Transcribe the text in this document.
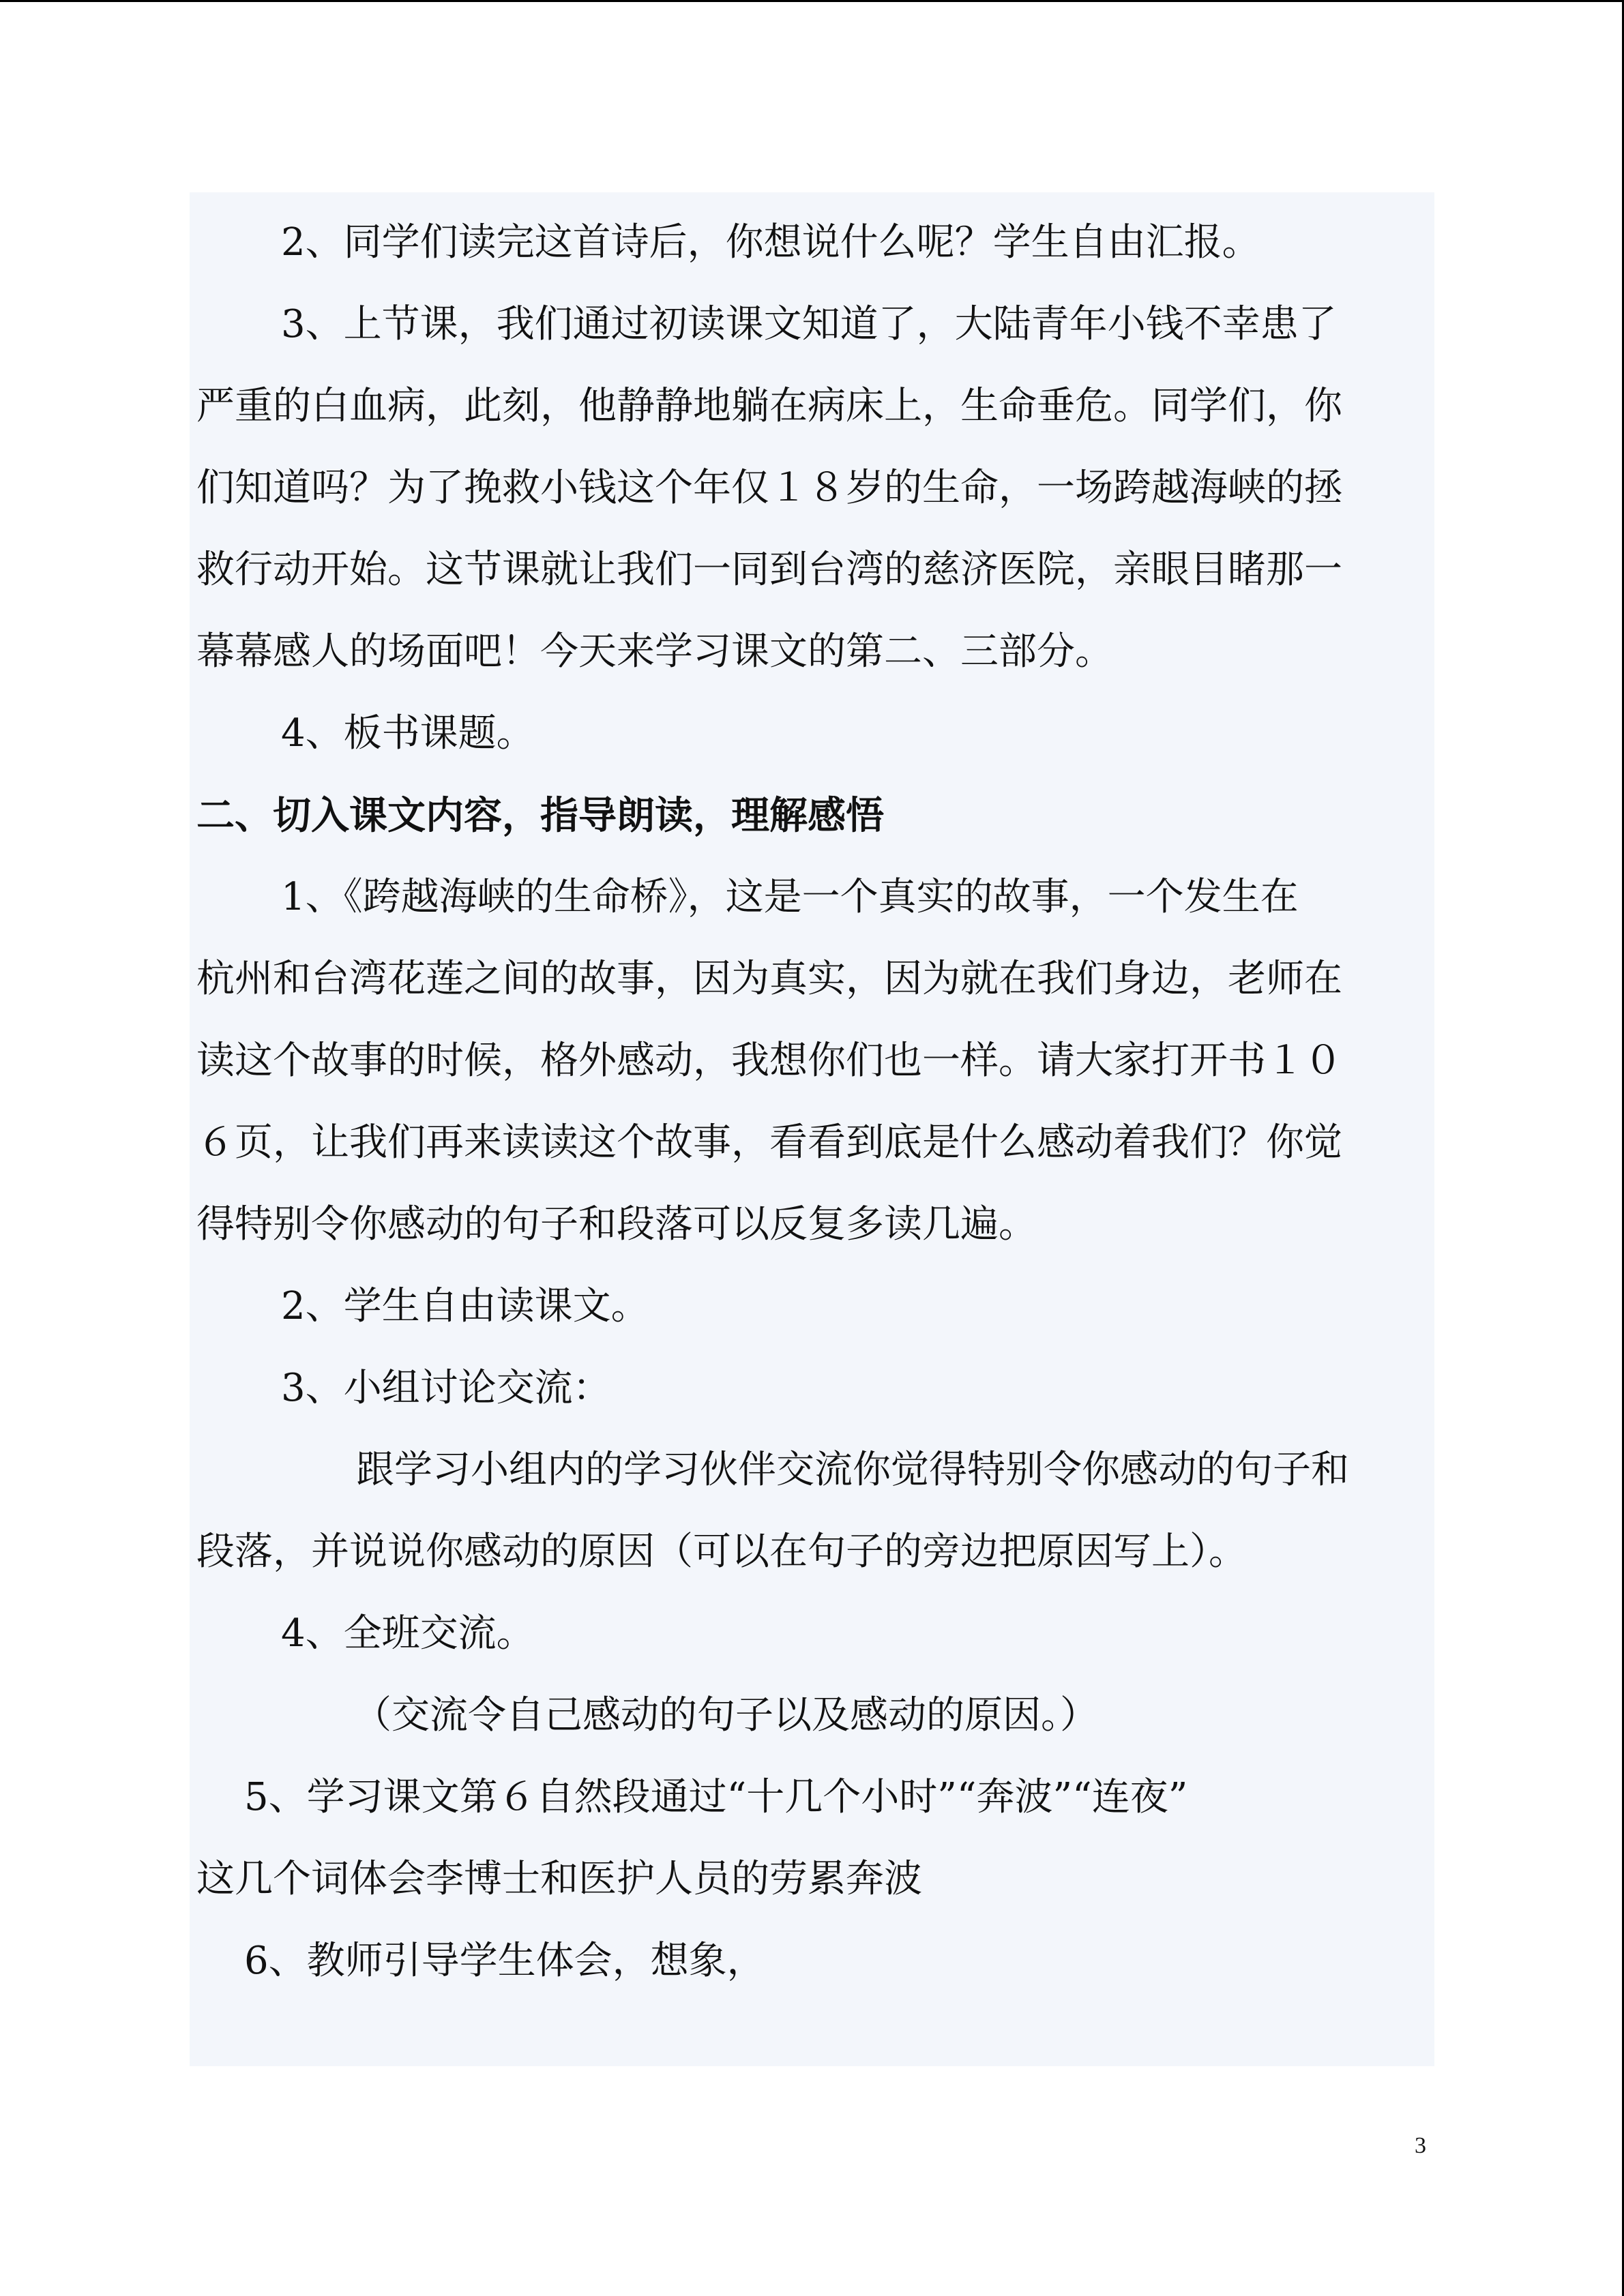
2、同学们读完这首诗后，你想说什么呢？学生自由汇报。
3、上节课，我们通过初读课文知道了，大陆青年小钱不幸患了
严重的白血病，此刻，他静静地躺在病床上，生命垂危。同学们，你
们知道吗？为了挽救小钱这个年仅１８岁的生命，一场跨越海峡的拯
救行动开始。这节课就让我们一同到台湾的慈济医院，亲眼目睹那一
幕幕感人的场面吧！今天来学习课文的第二、三部分。
4、板书课题。
二、切入课文内容，指导朗读，理解感悟
1、《跨越海峡的生命桥》，这是一个真实的故事，一个发生在
杭州和台湾花莲之间的故事，因为真实，因为就在我们身边，老师在
读这个故事的时候，格外感动，我想你们也一样。请大家打开书１０
６页，让我们再来读读这个故事，看看到底是什么感动着我们？你觉
得特别令你感动的句子和段落可以反复多读几遍。
2、学生自由读课文。
3、小组讨论交流：
跟学习小组内的学习伙伴交流你觉得特别令你感动的句子和
段落，并说说你感动的原因（可以在句子的旁边把原因写上）。
4、全班交流。
（交流令自己感动的句子以及感动的原因。）
5、学习课文第６自然段通过“十几个小时”“奔波”“连夜”
这几个词体会李博士和医护人员的劳累奔波
6、教师引导学生体会，想象，
3
